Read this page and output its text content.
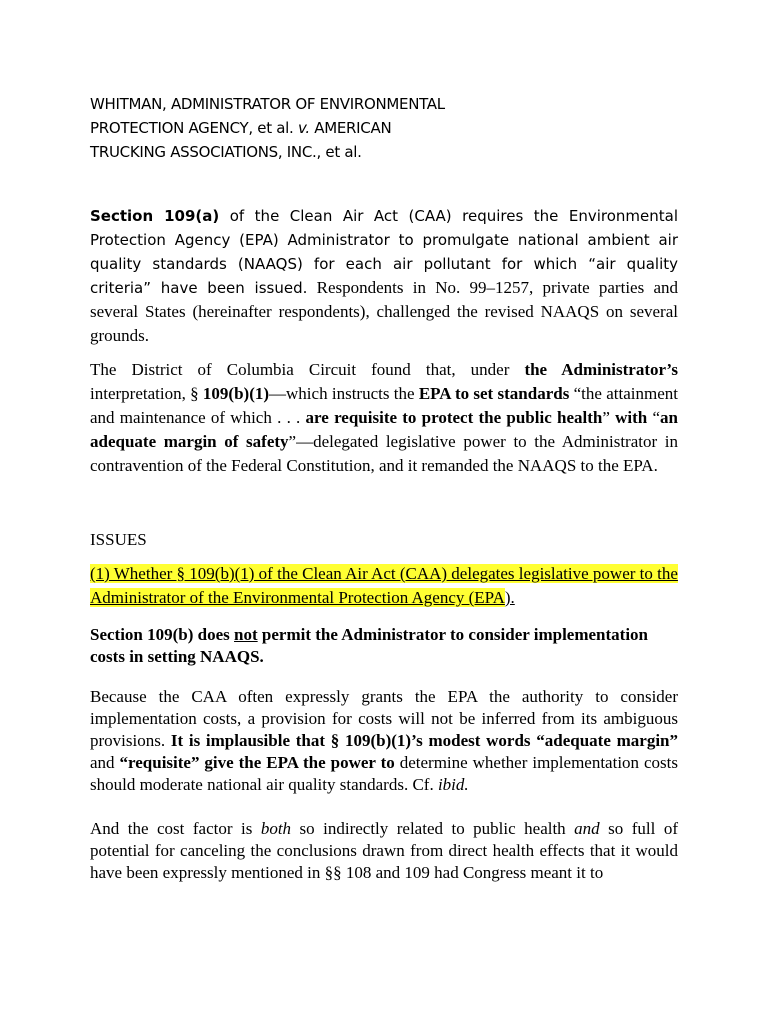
WHITMAN, ADMINISTRATOR OF ENVIRONMENTAL
PROTECTION AGENCY, et al. v. AMERICAN
TRUCKING ASSOCIATIONS, INC., et al.

Section 109(a) of the Clean Air Act (CAA) requires the Environmental Protection Agency (EPA) Administrator to promulgate national ambient air quality standards (NAAQS) for each air pollutant for which “air quality criteria” have been issued. Respondents in No. 99–1257, private parties and several States (hereinafter respondents), challenged the revised NAAQS on several grounds.

The District of Columbia Circuit found that, under the Administrator’s interpretation, § 109(b)(1)—which instructs the EPA to set standards “the attainment and maintenance of which . . . are requisite to protect the public health” with “an adequate margin of safety”—delegated legislative power to the Administrator in contravention of the Federal Constitution, and it remanded the NAAQS to the EPA.

ISSUES
(1) Whether § 109(b)(1) of the Clean Air Act (CAA) delegates legislative power to the Administrator of the Environmental Protection Agency (EPA).
Section 109(b) does not permit the Administrator to consider implementation costs in setting NAAQS.

Because the CAA often expressly grants the EPA the authority to consider implementation costs, a provision for costs will not be inferred from its ambiguous provisions. It is implausible that § 109(b)(1)’s modest words “adequate margin” and “requisite” give the EPA the power to determine whether implementation costs should moderate national air quality standards. Cf. ibid.

And the cost factor is both so indirectly related to public health and so full of potential for canceling the conclusions drawn from direct health effects that it would have been expressly mentioned in §§ 108 and 109 had Congress meant it to
